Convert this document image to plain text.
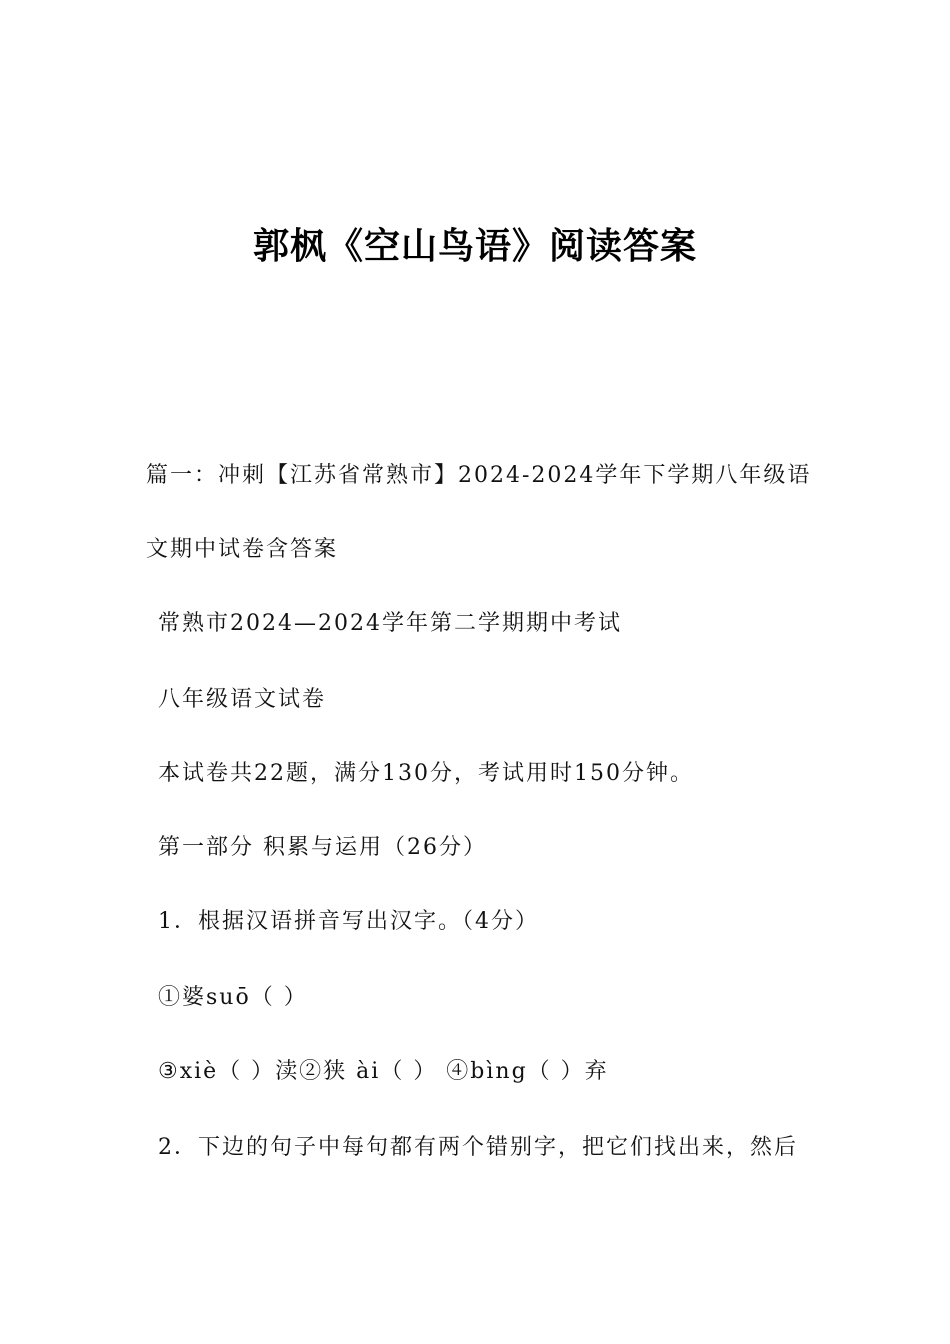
郭枫《空山鸟语》阅读答案
篇一：冲刺【江苏省常熟市】2024-2024学年下学期八年级语
文期中试卷含答案
常熟市2024—2024学年第二学期期中考试
八年级语文试卷
本试卷共22题，满分130分，考试用时150分钟。
第一部分 积累与运用（26分）
1．根据汉语拼音写出汉字。（4分）
①婆suō（ ）
③xiè（ ）渎②狭 ài（ ） ④bìng（ ）弃
2．下边的句子中每句都有两个错别字，把它们找出来，然后
